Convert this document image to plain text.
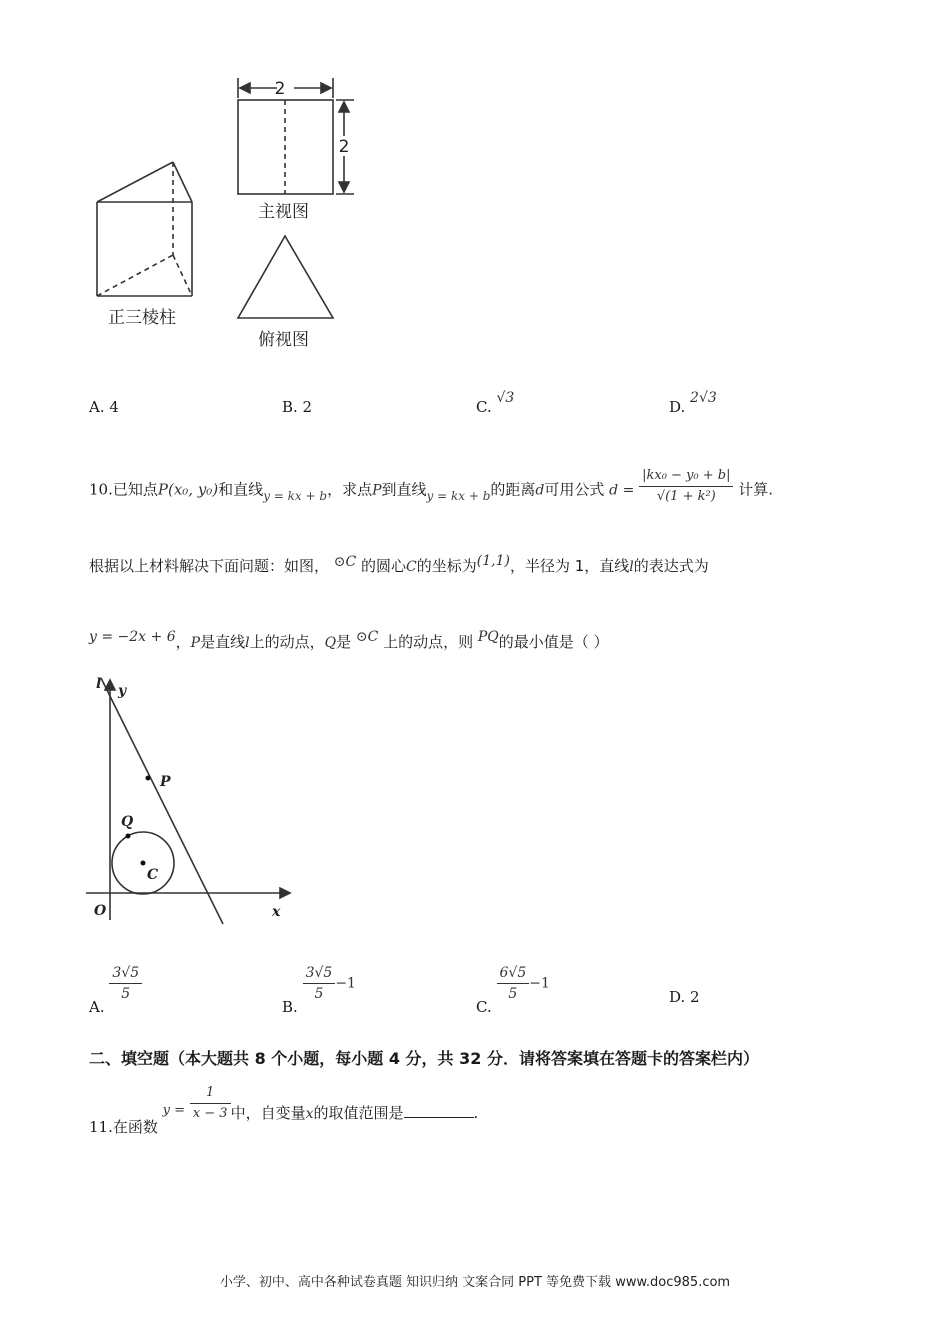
正三棱柱
2
2
主视图
俯视图
A. 4	B. 2	C. √3	D. 2√3
10.已知点P(x₀, y₀)和直线$_{y = kx + b}$，求点P到直线$_{y = kx + b}$的距离d可用公式 $d = \frac{\text{|kx₀ − y₀ + b|}}{\text{√(1 + k²)}}$ 计算.
根据以上材料解决下面问题：如图， ⊙C 的圆心C的坐标为(1,1)，半径为 1，直线l的表达式为
y = −2x + 6，P是直线l上的动点，Q是 ⊙C 上的动点，则 PQ的最小值是（ ）
l y
P
Q
C
O	x
A.
$\frac{3√5}{5}$
B.
$\frac{3√5}{5} -1$
C.
$\frac{6√5}{5} -1$
D. 2
二、填空题（本大题共 8 个小题，每小题 4 分，共 32 分．请将答案填在答题卡的答案栏内）
11.在函数 $y = \frac{1}{x - 3}$ 中，自变量x的取值范围是	.
小学、初中、高中各种试卷真题 知识归纳 文案合同 PPT 等免费下载 www.doc985.com
